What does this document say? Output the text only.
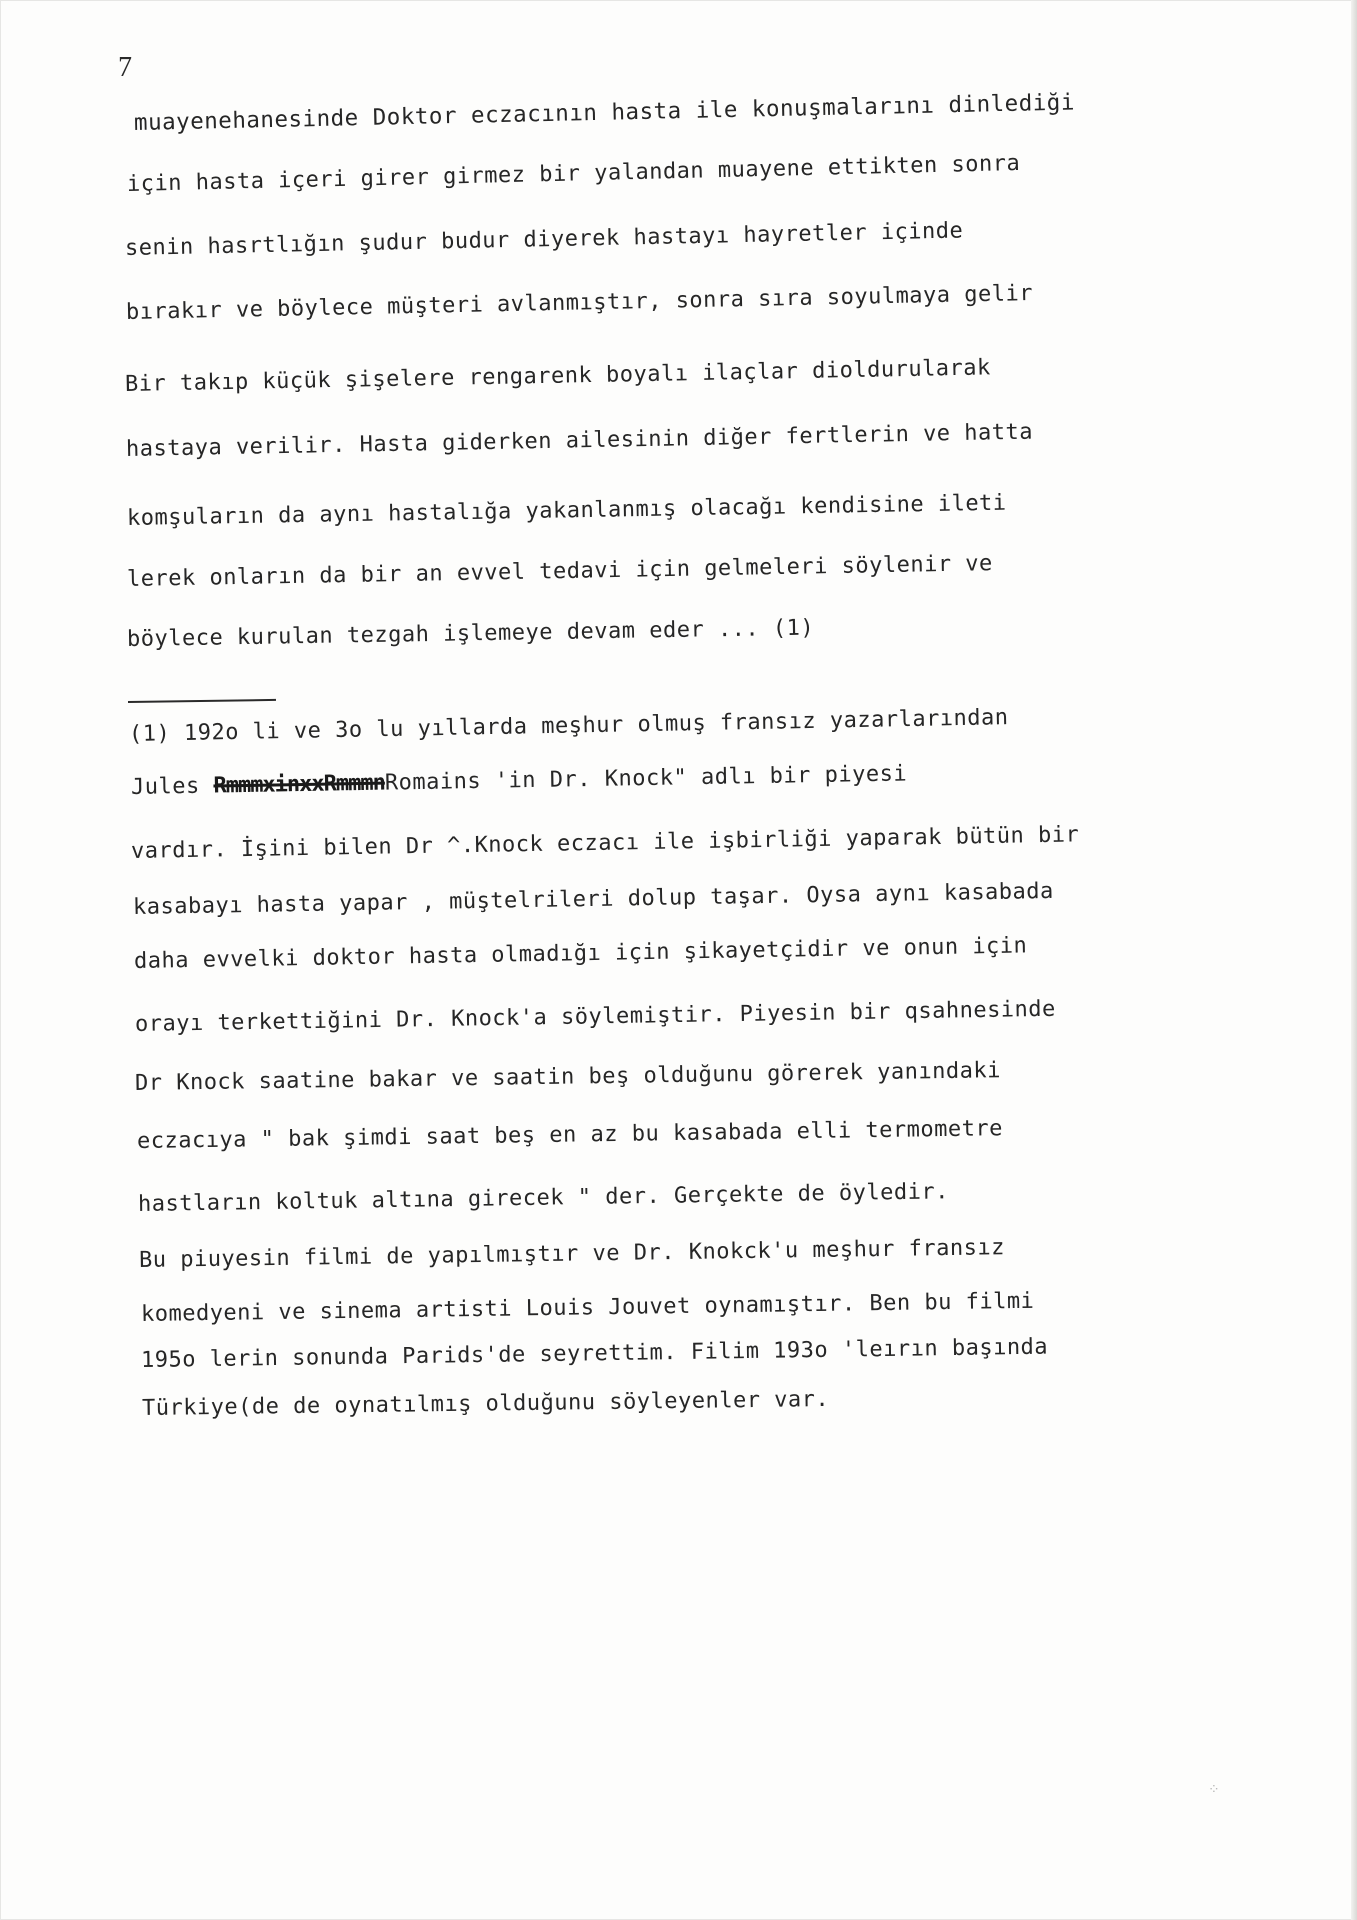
7
muayenehanesinde Doktor eczacının hasta ile konuşmalarını dinlediği
için hasta içeri girer girmez bir yalandan muayene ettikten sonra
senin hasrtlığın şudur budur diyerek hastayı hayretler içinde
bırakır ve böylece müşteri avlanmıştır, sonra sıra soyulmaya gelir
Bir takıp küçük şişelere rengarenk boyalı ilaçlar dioldurularak
hastaya verilir. Hasta giderken ailesinin diğer fertlerin ve hatta
komşuların da aynı hastalığa yakanlanmış olacağı kendisine ileti
lerek onların da bir an evvel tedavi için gelmeleri söylenir ve
böylece kurulan tezgah işlemeye devam eder ... (1)
(1) 192o li ve 3o lu yıllarda meşhur olmuş fransız yazarlarından
Jules RmmmxinxxRmmmnRomains 'in Dr. Knock" adlı bir piyesi
vardır. İşini bilen Dr ^.Knock eczacı ile işbirliği yaparak bütün bir
kasabayı hasta yapar , müştelrileri dolup taşar. Oysa aynı kasabada
daha evvelki doktor hasta olmadığı için şikayetçidir ve onun için
orayı terkettiğini Dr. Knock'a söylemiştir. Piyesin bir qsahnesinde
Dr Knock saatine bakar ve saatin beş olduğunu görerek yanındaki
eczacıya " bak şimdi saat beş en az bu kasabada elli termometre
hastların koltuk altına girecek " der. Gerçekte de öyledir.
Bu piuyesin filmi de yapılmıştır ve Dr. Knokck'u meşhur fransız
komedyeni ve sinema artisti Louis Jouvet oynamıştır. Ben bu filmi
195o lerin sonunda Parids'de seyrettim. Filim 193o 'leırın başında
Türkiye(de de oynatılmış olduğunu söyleyenler var.
⁘
